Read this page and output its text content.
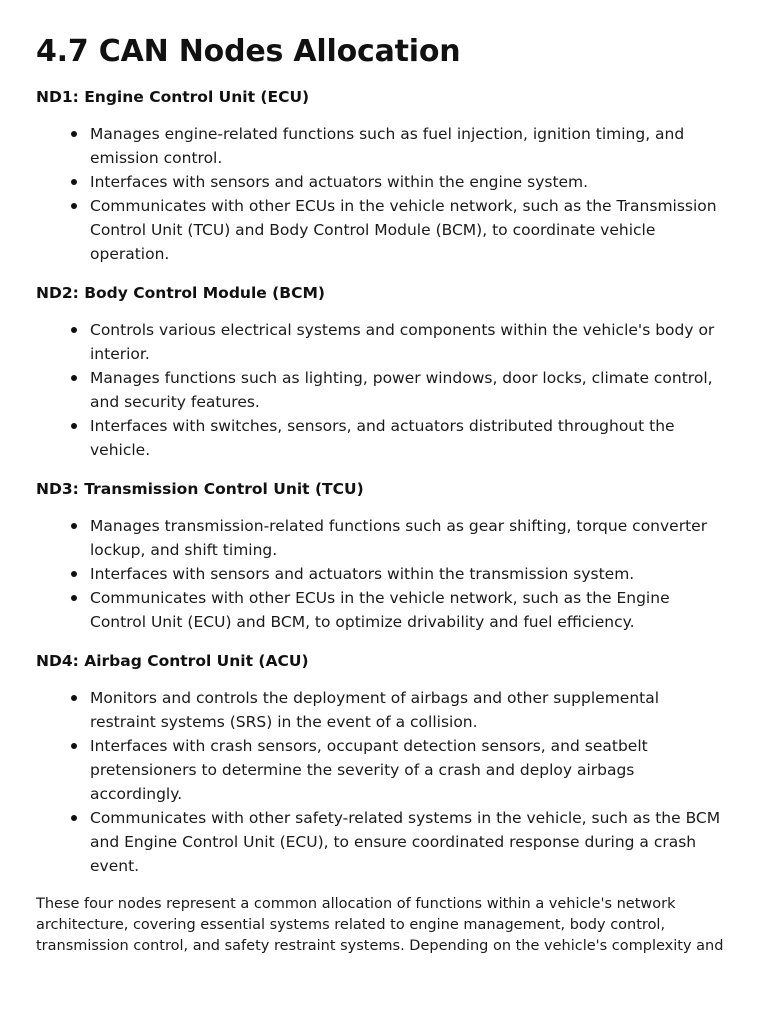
4.7 CAN Nodes Allocation

ND1: Engine Control Unit (ECU)

Manages engine-related functions such as fuel injection, ignition timing, and emission control.
Interfaces with sensors and actuators within the engine system.
Communicates with other ECUs in the vehicle network, such as the Transmission Control Unit (TCU) and Body Control Module (BCM), to coordinate vehicle operation.

ND2: Body Control Module (BCM)

Controls various electrical systems and components within the vehicle's body or interior.
Manages functions such as lighting, power windows, door locks, climate control, and security features.
Interfaces with switches, sensors, and actuators distributed throughout the vehicle.

ND3: Transmission Control Unit (TCU)

Manages transmission-related functions such as gear shifting, torque converter lockup, and shift timing.
Interfaces with sensors and actuators within the transmission system.
Communicates with other ECUs in the vehicle network, such as the Engine Control Unit (ECU) and BCM, to optimize drivability and fuel efficiency.

ND4: Airbag Control Unit (ACU)

Monitors and controls the deployment of airbags and other supplemental restraint systems (SRS) in the event of a collision.
Interfaces with crash sensors, occupant detection sensors, and seatbelt pretensioners to determine the severity of a crash and deploy airbags accordingly.
Communicates with other safety-related systems in the vehicle, such as the BCM and Engine Control Unit (ECU), to ensure coordinated response during a crash event.

These four nodes represent a common allocation of functions within a vehicle's network architecture, covering essential systems related to engine management, body control, transmission control, and safety restraint systems. Depending on the vehicle's complexity and
